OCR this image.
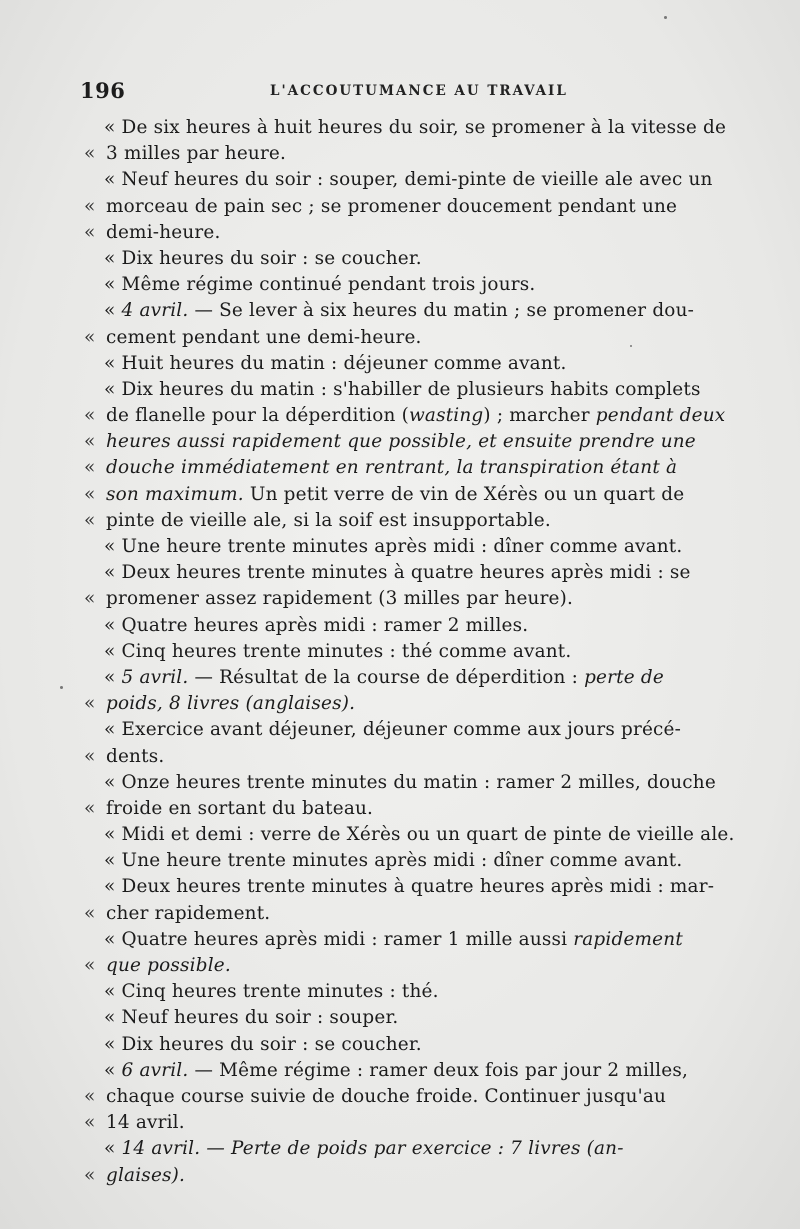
196	L'ACCOUTUMANCE AU TRAVAIL
« De six heures à huit heures du soir, se promener à la vitesse de
« 3 milles par heure.
« Neuf heures du soir : souper, demi-pinte de vieille ale avec un
« morceau de pain sec ; se promener doucement pendant une
« demi-heure.
« Dix heures du soir : se coucher.
« Même régime continué pendant trois jours.
« 4 avril. — Se lever à six heures du matin ; se promener dou-
« cement pendant une demi-heure.
« Huit heures du matin : déjeuner comme avant.
« Dix heures du matin : s'habiller de plusieurs habits complets
« de flanelle pour la déperdition (wasting) ; marcher pendant deux
« heures aussi rapidement que possible, et ensuite prendre une
« douche immédiatement en rentrant, la transpiration étant à
« son maximum. Un petit verre de vin de Xérès ou un quart de
« pinte de vieille ale, si la soif est insupportable.
« Une heure trente minutes après midi : dîner comme avant.
« Deux heures trente minutes à quatre heures après midi : se
« promener assez rapidement (3 milles par heure).
« Quatre heures après midi : ramer 2 milles.
« Cinq heures trente minutes : thé comme avant.
« 5 avril. — Résultat de la course de déperdition : perte de
« poids, 8 livres (anglaises).
« Exercice avant déjeuner, déjeuner comme aux jours précé-
« dents.
« Onze heures trente minutes du matin : ramer 2 milles, douche
« froide en sortant du bateau.
« Midi et demi : verre de Xérès ou un quart de pinte de vieille ale.
« Une heure trente minutes après midi : dîner comme avant.
« Deux heures trente minutes à quatre heures après midi : mar-
« cher rapidement.
« Quatre heures après midi : ramer 1 mille aussi rapidement
« que possible.
« Cinq heures trente minutes : thé.
« Neuf heures du soir : souper.
« Dix heures du soir : se coucher.
« 6 avril. — Même régime : ramer deux fois par jour 2 milles,
« chaque course suivie de douche froide. Continuer jusqu'au
« 14 avril.
« 14 avril. — Perte de poids par exercice : 7 livres (an-
« glaises).
